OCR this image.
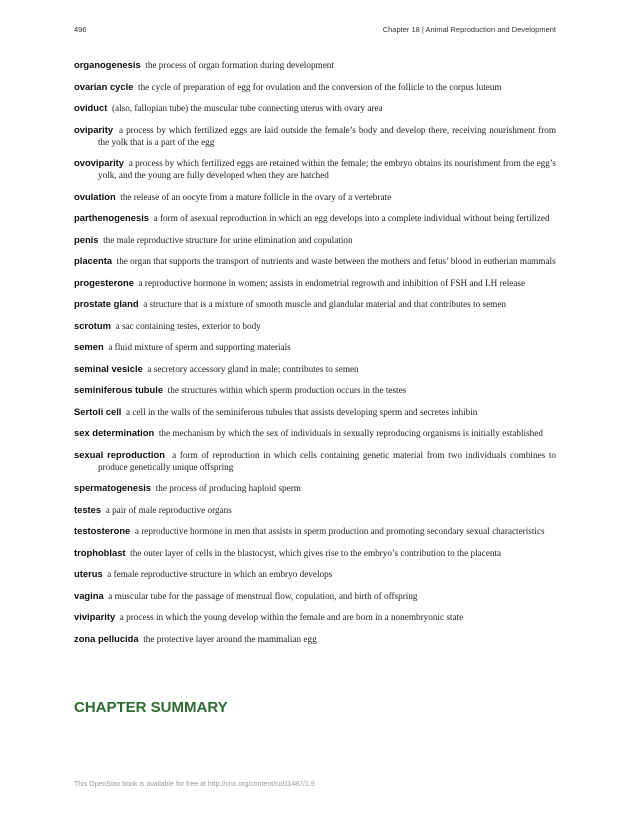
496	Chapter 18 | Animal Reproduction and Development
organogenesis the process of organ formation during development
ovarian cycle the cycle of preparation of egg for ovulation and the conversion of the follicle to the corpus luteum
oviduct (also, fallopian tube) the muscular tube connecting uterus with ovary area
oviparity a process by which fertilized eggs are laid outside the female’s body and develop there, receiving nourishment from the yolk that is a part of the egg
ovoviparity a process by which fertilized eggs are retained within the female; the embryo obtains its nourishment from the egg’s yolk, and the young are fully developed when they are hatched
ovulation the release of an oocyte from a mature follicle in the ovary of a vertebrate
parthenogenesis a form of asexual reproduction in which an egg develops into a complete individual without being fertilized
penis the male reproductive structure for urine elimination and copulation
placenta the organ that supports the transport of nutrients and waste between the mothers and fetus’ blood in eutherian mammals
progesterone a reproductive hormone in women; assists in endometrial regrowth and inhibition of FSH and LH release
prostate gland a structure that is a mixture of smooth muscle and glandular material and that contributes to semen
scrotum a sac containing testes, exterior to body
semen a fluid mixture of sperm and supporting materials
seminal vesicle a secretory accessory gland in male; contributes to semen
seminiferous tubule the structures within which sperm production occurs in the testes
Sertoli cell a cell in the walls of the seminiferous tubules that assists developing sperm and secretes inhibin
sex determination the mechanism by which the sex of individuals in sexually reproducing organisms is initially established
sexual reproduction a form of reproduction in which cells containing genetic material from two individuals combines to produce genetically unique offspring
spermatogenesis the process of producing haploid sperm
testes a pair of male reproductive organs
testosterone a reproductive hormone in men that assists in sperm production and promoting secondary sexual characteristics
trophoblast the outer layer of cells in the blastocyst, which gives rise to the embryo’s contribution to the placenta
uterus a female reproductive structure in which an embryo develops
vagina a muscular tube for the passage of menstrual flow, copulation, and birth of offspring
viviparity a process in which the young develop within the female and are born in a nonembryonic state
zona pellucida the protective layer around the mammalian egg
CHAPTER SUMMARY
This OpenStax book is available for free at http://cnx.org/content/col11487/1.9
